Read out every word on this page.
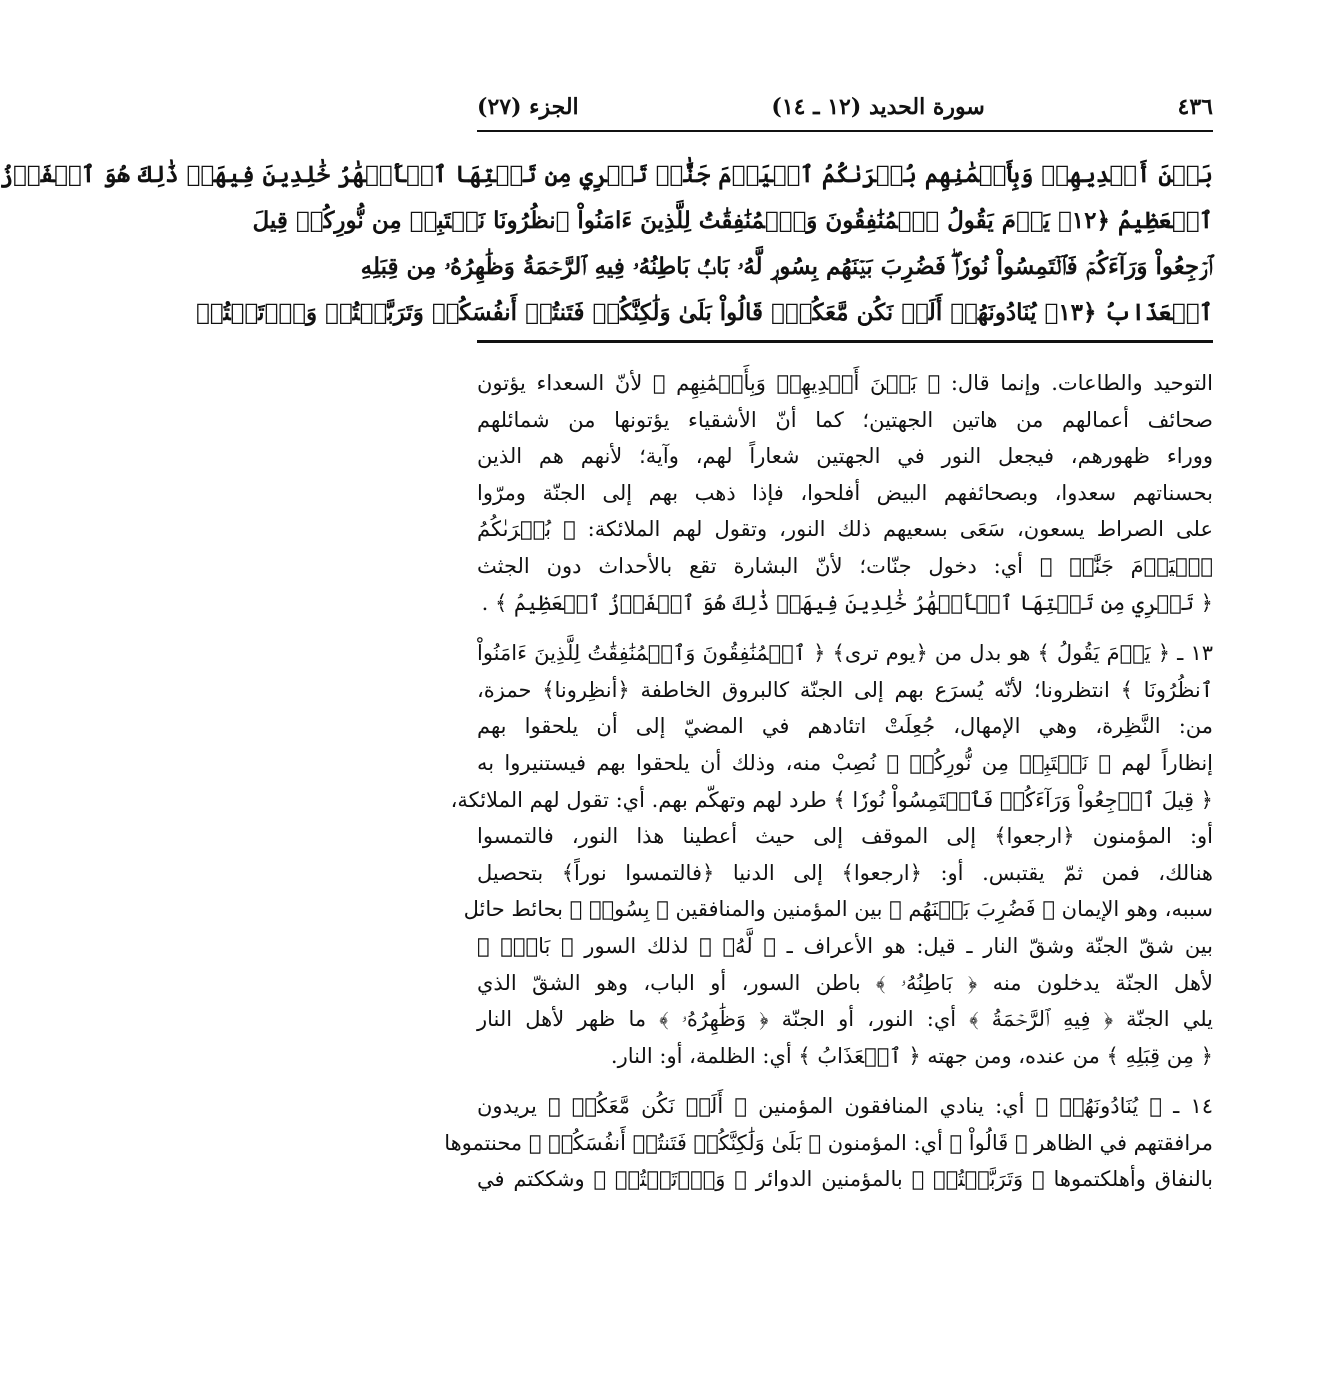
٤٣٦
سورة الحديد (١٢ ـ ١٤)
الجزء (٢٧)
بَيۡنَ أَيۡدِيهِمۡ وَبِأَيۡمَٰنِهِم بُشۡرَىٰكُمُ ٱلۡيَوۡمَ جَنَّٰتٞ تَجۡرِي مِن تَحۡتِهَا ٱلۡأَنۡهَٰرُ خَٰلِدِينَ فِيهَاۚ ذَٰلِكَ هُوَ ٱلۡفَوۡزُ
ٱلۡعَظِيمُ ﴿١٢﴾ يَوۡمَ يَقُولُ ٱلۡمُنَٰفِقُونَ وَٱلۡمُنَٰفِقَٰتُ لِلَّذِينَ ءَامَنُواْ ٱنظُرُونَا نَقۡتَبِسۡ مِن نُّورِكُمۡ قِيلَ
ٱرۡجِعُواْ وَرَآءَكُمۡ فَٱلۡتَمِسُواْ نُورٗاۖ فَضُرِبَ بَيۡنَهُم بِسُورٖ لَّهُۥ بَابُۢ بَاطِنُهُۥ فِيهِ ٱلرَّحۡمَةُ وَظَٰهِرُهُۥ مِن قِبَلِهِ
ٱلۡعَذَابُ ﴿١٣﴾ يُنَادُونَهُمۡ أَلَمۡ نَكُن مَّعَكُمۡۖ قَالُواْ بَلَىٰ وَلَٰكِنَّكُمۡ فَتَنتُمۡ أَنفُسَكُمۡ وَتَرَبَّصۡتُمۡ وَٱرۡتَبۡتُمۡ
التوحيد والطاعات. وإنما قال: ﴿ بَيۡنَ أَيۡدِيهِمۡ وَبِأَيۡمَٰنِهِم ﴾ لأنّ السعداء يؤتون
صحائف أعمالهم من هاتين الجهتين؛ كما أنّ الأشقياء يؤتونها من شمائلهم
ووراء ظهورهم، فيجعل النور في الجهتين شعاراً لهم، وآية؛ لأنهم هم الذين
بحسناتهم سعدوا، وبصحائفهم البيض أفلحوا، فإذا ذهب بهم إلى الجنّة ومرّوا
على الصراط يسعون، سَعَى بسعيهم ذلك النور، وتقول لهم الملائكة: ﴿ بُشۡرَىٰكُمُ
ٱلۡيَوۡمَ جَنَّٰتٞ ﴾ أي: دخول جنّات؛ لأنّ البشارة تقع بالأحداث دون الجثث
﴿ تَجۡرِي مِن تَحۡتِهَا ٱلۡأَنۡهَٰرُ خَٰلِدِينَ فِيهَاۚ ذَٰلِكَ هُوَ ٱلۡفَوۡزُ ٱلۡعَظِيمُ ﴾ .
١٣ ـ ﴿ يَوۡمَ يَقُولُ ﴾ هو بدل من ﴿يوم ترى﴾ ﴿ ٱلۡمُنَٰفِقُونَ وَٱلۡمُنَٰفِقَٰتُ لِلَّذِينَ ءَامَنُواْ
ٱنظُرُونَا ﴾ انتظرونا؛ لأنّه يُسرَع بهم إلى الجنّة كالبروق الخاطفة ﴿أنظِرونا﴾ حمزة،
من: النَّظِرة، وهي الإمهال، جُعِلَتْ اتئادهم في المضيّ إلى أن يلحقوا بهم
إنظاراً لهم ﴿ نَقۡتَبِسۡ مِن نُّورِكُمۡ ﴾ نُصِبْ منه، وذلك أن يلحقوا بهم فيستنيروا به
﴿ قِيلَ ٱرۡجِعُواْ وَرَآءَكُمۡ فَٱلۡتَمِسُواْ نُورٗا ﴾ طرد لهم وتهكّم بهم. أي: تقول لهم الملائكة،
أو: المؤمنون ﴿ارجعوا﴾ إلى الموقف إلى حيث أعطينا هذا النور، فالتمسوا
هنالك، فمن ثمّ يقتبس. أو: ﴿ارجعوا﴾ إلى الدنيا ﴿فالتمسوا نوراً﴾ بتحصيل
سببه، وهو الإيمان ﴿ فَضُرِبَ بَيۡنَهُم ﴾ بين المؤمنين والمنافقين ﴿ بِسُورٖ ﴾ بحائط حائل
بين شقّ الجنّة وشقّ النار ـ قيل: هو الأعراف ـ ﴿ لَّهُۥ ﴾ لذلك السور ﴿ بَابُۢ ﴾
لأهل الجنّة يدخلون منه ﴿ بَاطِنُهُۥ ﴾ باطن السور، أو الباب، وهو الشقّ الذي
يلي الجنّة ﴿ فِيهِ ٱلرَّحۡمَةُ ﴾ أي: النور، أو الجنّة ﴿ وَظَٰهِرُهُۥ ﴾ ما ظهر لأهل النار
﴿ مِن قِبَلِهِ ﴾ من عنده، ومن جهته ﴿ ٱلۡعَذَابُ ﴾ أي: الظلمة، أو: النار.
١٤ ـ ﴿ يُنَادُونَهُمۡ ﴾ أي: ينادي المنافقون المؤمنين ﴿ أَلَمۡ نَكُن مَّعَكُمۡ ﴾ يريدون
مرافقتهم في الظاهر ﴿ قَالُواْ ﴾ أي: المؤمنون ﴿ بَلَىٰ وَلَٰكِنَّكُمۡ فَتَنتُمۡ أَنفُسَكُمۡ ﴾ محنتموها
بالنفاق وأهلكتموها ﴿ وَتَرَبَّصۡتُمۡ ﴾ بالمؤمنين الدوائر ﴿ وَٱرۡتَبۡتُمۡ ﴾ وشككتم في
